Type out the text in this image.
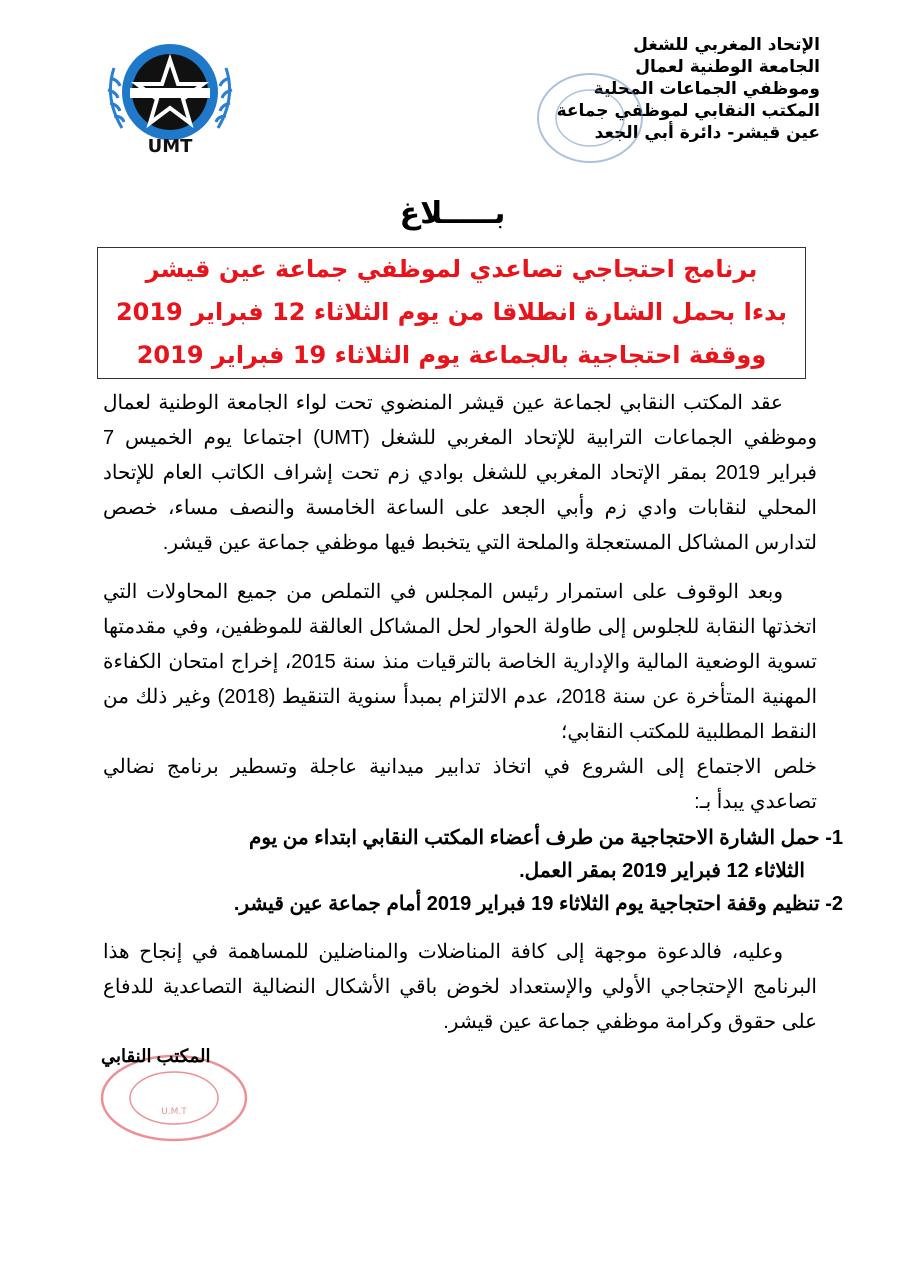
الإتحاد المغربي للشغل
الجامعة الوطنية لعمال
وموظفي الجماعات المحلية
المكتب النقابي لموظفي جماعة
عين قيشر- دائرة أبي الجعد
UMT
بـــــلاغ
برنامج احتجاجي تصاعدي لموظفي جماعة عين قيشر
بدءا بحمل الشارة انطلاقا من يوم الثلاثاء 12 فبراير 2019
ووقفة احتجاجية بالجماعة يوم الثلاثاء 19 فبراير 2019

عقد المكتب النقابي لجماعة عين قيشر المنضوي تحت لواء الجامعة الوطنية لعمال وموظفي الجماعات الترابية للإتحاد المغربي للشغل (UMT) اجتماعا يوم الخميس 7 فبراير 2019 بمقر الإتحاد المغربي للشغل بوادي زم تحت إشراف الكاتب العام للإتحاد المحلي لنقابات وادي زم وأبي الجعد على الساعة الخامسة والنصف مساء، خصص لتدارس المشاكل المستعجلة والملحة التي يتخبط فيها موظفي جماعة عين قيشر.

وبعد الوقوف على استمرار رئيس المجلس في التملص من جميع المحاولات التي اتخذتها النقابة للجلوس إلى طاولة الحوار لحل المشاكل العالقة للموظفين، وفي مقدمتها تسوية الوضعية المالية والإدارية الخاصة بالترقيات منذ سنة 2015، إخراج امتحان الكفاءة المهنية المتأخرة عن سنة 2018، عدم الالتزام بمبدأ سنوية التنقيط (2018) وغير ذلك من النقط المطلبية للمكتب النقابي؛

خلص الاجتماع إلى الشروع في اتخاذ تدابير ميدانية عاجلة وتسطير برنامج نضالي تصاعدي يبدأ بـ:

1- حمل الشارة الاحتجاجية من طرف أعضاء المكتب النقابي ابتداء من يوم
الثلاثاء 12 فبراير 2019 بمقر العمل.
2- تنظيم وقفة احتجاجية يوم الثلاثاء 19 فبراير 2019 أمام جماعة عين قيشر.

وعليه، فالدعوة موجهة إلى كافة المناضلات والمناضلين للمساهمة في إنجاح هذا البرنامج الإحتجاجي الأولي والإستعداد لخوض باقي الأشكال النضالية التصاعدية للدفاع على حقوق وكرامة موظفي جماعة عين قيشر.

U.M.T
المكتب النقابي
